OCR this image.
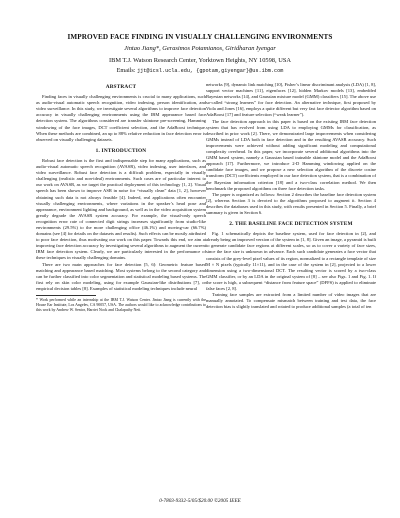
IMPROVED FACE FINDING IN VISUALLY CHALLENGING ENVIRONMENTS
Jintao Jiang*, Gerasimos Potamianos, Giridharan Iyengar
IBM T.J. Watson Research Center, Yorktown Heights, NY 10598, USA
Emails: jjt@icsl.ucla.edu, {gpotam,giyengar}@us.ibm.com
ABSTRACT

Finding faces in visually challenging environments is crucial to many applications, such as audio-visual automatic speech recognition, video indexing, person identification, and video surveillance. In this study, we investigate several algorithms to improve face detection accuracy in visually challenging environments using the IBM appearance based face detection system. The algorithms considered are transfer skintone pre-screening, Hamming windowing of the face images, DCT coefficient selection, and the AdaBoost technique. When these methods are combined, an up to 88% relative reduction in face detection error is observed on visually challenging datasets.

1. INTRODUCTION

Robust face detection is the first and indispensable step for many applications, such as audio-visual automatic speech recognition (AVASR), video indexing, user interfaces, and video surveillance. Robust face detection is a difficult problem, especially in visually challenging (realistic and non-ideal) environments. Such cases are of particular interest to our work on AVASR, as we target the practical deployment of this technology [1, 2]. Visual speech has been shown to improve ASR in noise for “visually clean” data [1, 2], however obtaining such data is not always feasible [4]. Indeed, real applications often encounter visually challenging environments, where variations in the speaker’s head pose and appearance, environment lighting and background, as well as in the video acquisition system greatly degrade the AVASR system accuracy. For example, the visual-only speech recognition error rate of connected digit strings increases significantly from studio-like environments (29.5%) to the more challenging office (46.1%) and moving-car (66.7%) domains (see [4] for details on the datasets and results). Such effects can be mostly attributed to poor face detection, thus motivating our work on this paper. Towards this end, we aim at improving face detection accuracy by investigating several algorithms to augment the current IBM face detection system. Clearly, we are particularly interested in the performance of these techniques in visually challenging domains.

There are two main approaches for face detection [5, 6]: Geometric feature based matching and appearance based matching. Most systems belong to the second category and can be further classified into color segmentation and statistical modeling based systems. The first rely on skin color modeling, using for example Gaussian-like distributions [7], or empirical decision tables [8]. Examples of statistical modeling techniques include neural

* Work performed while an internship at the IBM T.J. Watson Center. Jintao Jiang is currently with the House Ear Institute, Los Angeles, CA 90057, USA. The authors would like to acknowledge contributions to this work by Andrew W. Senior, Harriet Nock and Chalapathy Neti.

networks [9], dynamic link matching [10], Fisher’s linear discriminant analysis (LDA) [1, 8], support vector machines [11], eigenfaces [12], hidden Markov models [13], embedded Bayesian networks [14], and Gaussian mixture model (GMM) classifiers [15]. The above use so-called “strong learners” for face detection. An alternative technique, first proposed by Viola and Jones [16], employs a quite different but very fast face detector algorithm based on AdaBoost [17] and feature selection (“weak learner”).

The face detection approach in this paper is based on the existing IBM face detection system that has evolved from using LDA to employing GMMs for classification, as described in prior work [2]. There, we demonstrated large improvements when considering GMMs instead of LDA both in face detection and in the resulting AVASR accuracy. Such improvements were achieved without adding significant modeling and computational complexity overhead. In this paper, we incorporate several additional algorithms into the GMM based system, namely a Gaussian based trainable skintone model and the AdaBoost approach [17]. Furthermore, we introduce 2-D Hamming windowing applied on the candidate face images, and we propose a new selection algorithm of the discrete cosine transform (DCT) coefficients employed in our face detection system, that is a combination of the Bayesian information criterion [18] and a two-class correlation method. We then benchmark the proposed algorithms on three face detection tasks.

The paper is organized as follows: Section 2 describes the baseline face detection system [2], whereas Section 3 is devoted to the algorithms proposed to augment it. Section 4 describes the databases used in this study, with results presented in Section 5. Finally, a brief summary is given in Section 6.

2. THE BASELINE FACE DETECTION SYSTEM

Fig. 1 schematically depicts the baseline system, used for face detection in [2], and already being an improved version of the system in [1, 8]. Given an image, a pyramid is built to generate candidate face regions at different scales, so as to cover a variety of face sizes, since the face size is unknown in advance. Each such candidate generates a face vector that consists of the grey-level pixel values of its region, normalized to a rectangle template of size M × N pixels (typically 11×11), and in the case of the system in [2], projected to a lower dimension using a two-dimensional DCT. The resulting vector is scored by a two-class GMM classifier, or by an LDA in the original system of [8] – see also Figs. 1 and Fig. 1. If the score is high, a subsequent “distance from feature space” (DFFS) is applied to eliminate false faces [2, 8].

Training face samples are extracted from a limited number of video images that are manually annotated. To compensate mismatch between training and test data, the face detection bias is slightly translated and rotated to produce additional samples (a total of ten

0-7803-9332-5/05/$20.00 ©2005 IEEE
